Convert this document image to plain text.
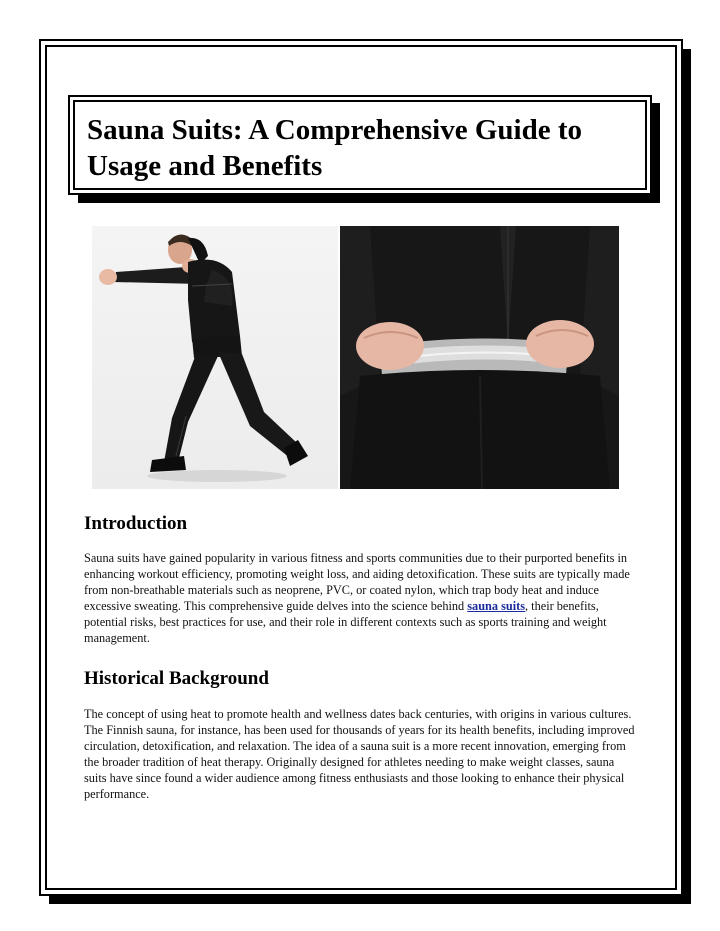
Sauna Suits: A Comprehensive Guide to Usage and Benefits
Introduction

Sauna suits have gained popularity in various fitness and sports communities due to their purported benefits in enhancing workout efficiency, promoting weight loss, and aiding detoxification. These suits are typically made from non-breathable materials such as neoprene, PVC, or coated nylon, which trap body heat and induce excessive sweating. This comprehensive guide delves into the science behind sauna suits, their benefits, potential risks, best practices for use, and their role in different contexts such as sports training and weight management.

Historical Background

The concept of using heat to promote health and wellness dates back centuries, with origins in various cultures. The Finnish sauna, for instance, has been used for thousands of years for its health benefits, including improved circulation, detoxification, and relaxation. The idea of a sauna suit is a more recent innovation, emerging from the broader tradition of heat therapy. Originally designed for athletes needing to make weight classes, sauna suits have since found a wider audience among fitness enthusiasts and those looking to enhance their physical performance.
